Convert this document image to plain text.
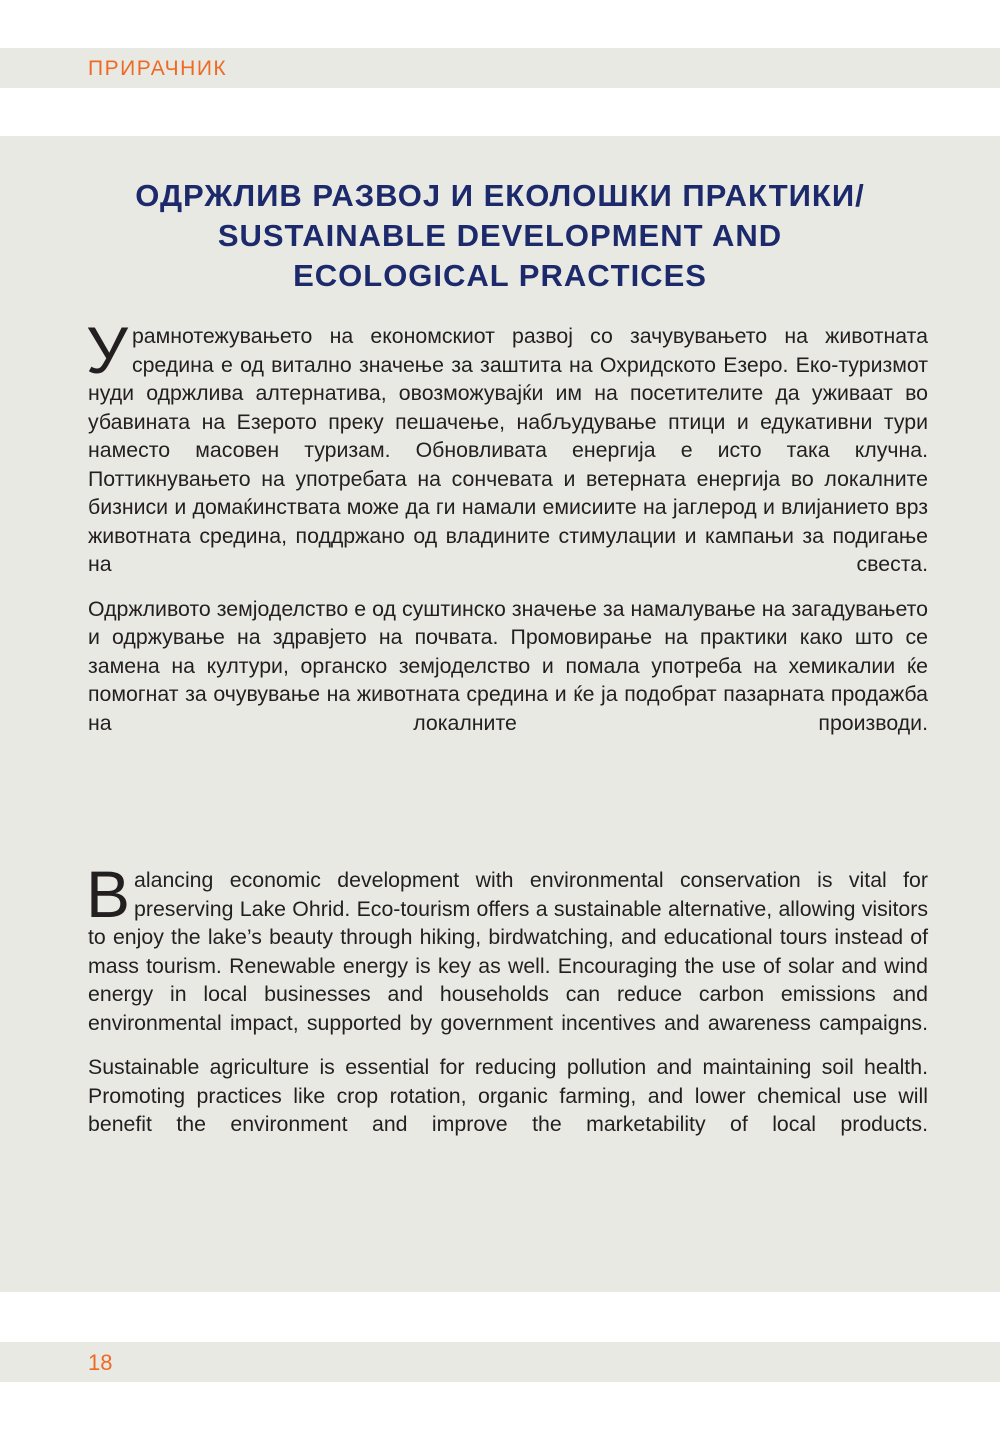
ПРИРАЧНИК
ОДРЖЛИВ РАЗВОЈ И ЕКОЛОШКИ ПРАКТИКИ/
SUSTAINABLE DEVELOPMENT AND
ECOLOGICAL PRACTICES

Урамнотежувањето на економскиот развој со зачувувањето на животната средина е од витално значење за заштита на Охридското Езеро. Еко-туризмот нуди одржлива алтернатива, овозможувајќи им на посетителите да уживаат во убавината на Езерото преку пешачење, набљудување птици и едукативни тури наместо масовен туризам. Обновливата енергија е исто така клучна. Поттикнувањето на употребата на сончевата и ветерната енергија во локалните бизниси и домаќинствата може да ги намали емисиите на јаглерод и влијанието врз животната средина, поддржано од владините стимулации и кампањи за подигање на свеста.

Одржливото земјоделство е од суштинско значење за намалување на загадувањето и одржување на здравјето на почвата. Промовирање на практики како што се замена на култури, органско земјоделство и помала употреба на хемикалии ќе помогнат за очувување на животната средина и ќе ја подобрат пазарната продажба на локалните производи.

Balancing economic development with environmental conservation is vital for preserving Lake Ohrid. Eco-tourism offers a sustainable alternative, allowing visitors to enjoy the lake’s beauty through hiking, birdwatching, and educational tours instead of mass tourism. Renewable energy is key as well. Encouraging the use of solar and wind energy in local businesses and households can reduce carbon emissions and environmental impact, supported by government incentives and awareness campaigns.

Sustainable agriculture is essential for reducing pollution and maintaining soil health. Promoting practices like crop rotation, organic farming, and lower chemical use will benefit the environment and improve the marketability of local products.

18
